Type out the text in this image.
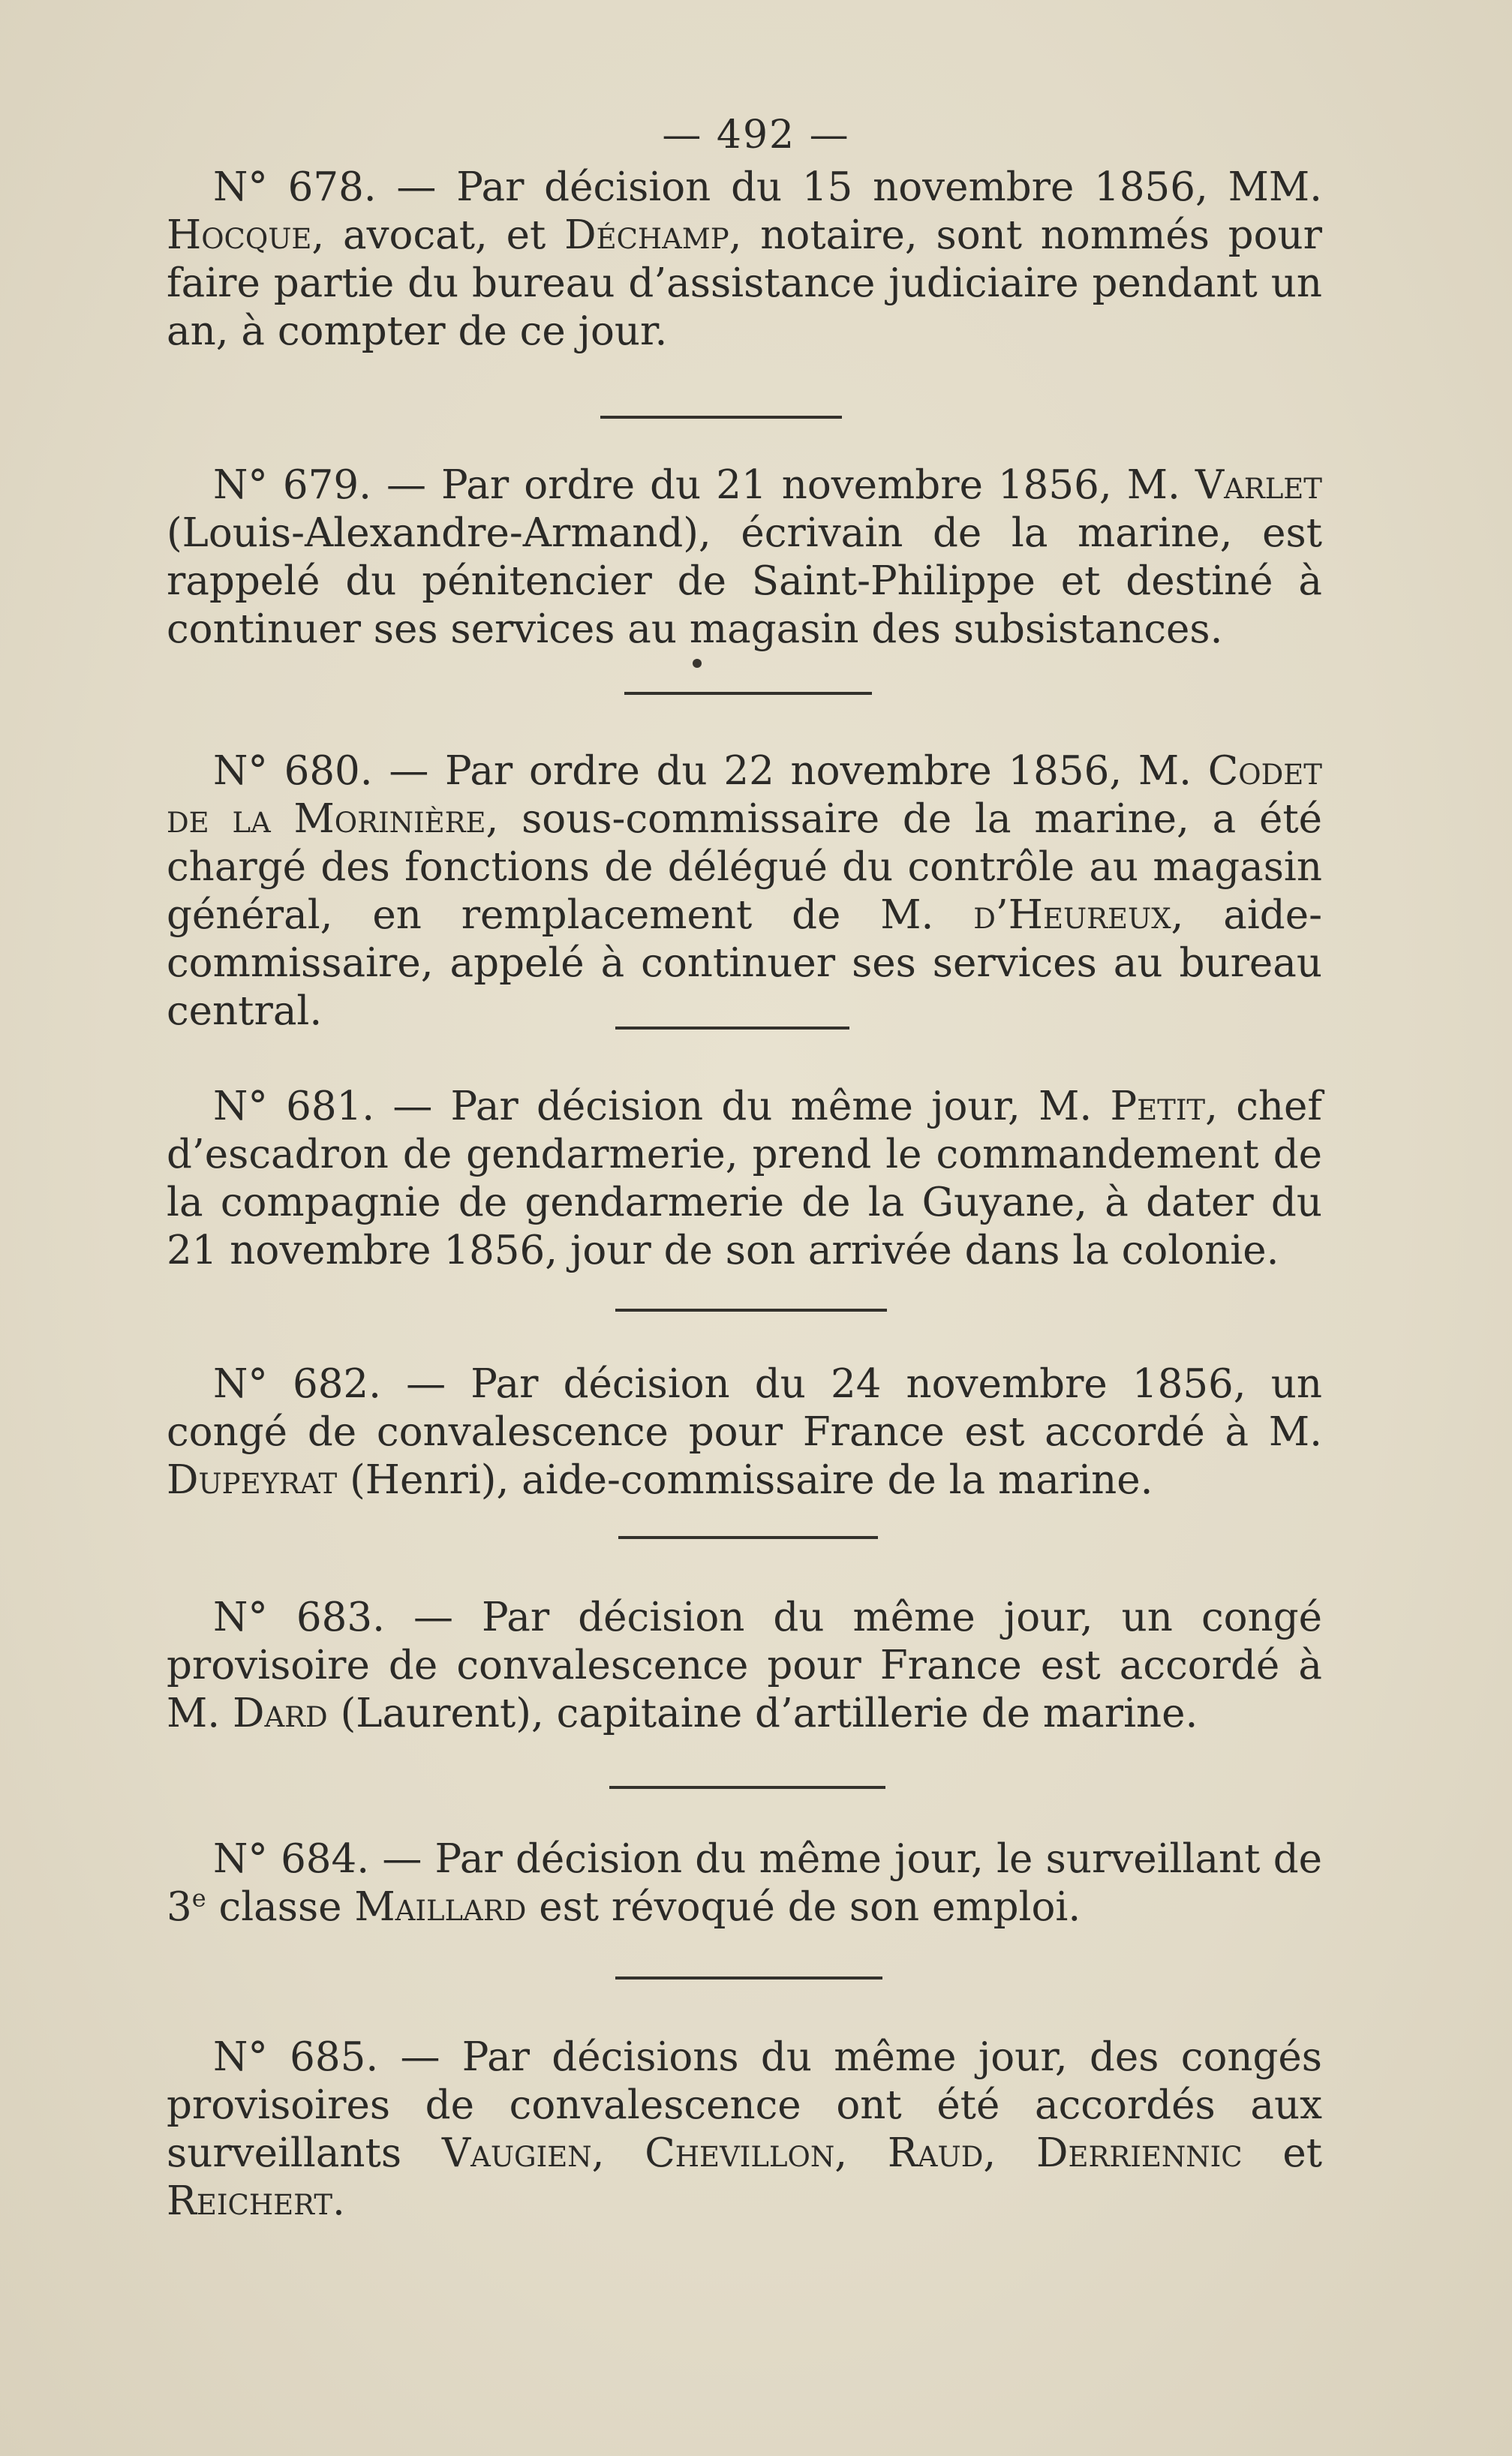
— 492 —

N° 678. — Par décision du 15 novembre 1856, MM. Hocque, avocat, et Déchamp, notaire, sont nommés pour faire partie du bureau d’assistance judiciaire pendant un an, à compter de ce jour.

N° 679. — Par ordre du 21 novembre 1856, M. Varlet (Louis-Alexandre-Armand), écrivain de la marine, est rappelé du pénitencier de Saint-Philippe et destiné à continuer ses services au magasin des subsistances.

N° 680. — Par ordre du 22 novembre 1856, M. Codet de la Morinière, sous-commissaire de la marine, a été chargé des fonctions de délégué du contrôle au magasin général, en remplacement de M. d’Heureux, aide-commissaire, appelé à continuer ses services au bureau central.

N° 681. — Par décision du même jour, M. Petit, chef d’escadron de gendarmerie, prend le commandement de la compagnie de gendarmerie de la Guyane, à dater du 21 novembre 1856, jour de son arrivée dans la colonie.

N° 682. — Par décision du 24 novembre 1856, un congé de convalescence pour France est accordé à M. Dupeyrat (Henri), aide-commissaire de la marine.

N° 683. — Par décision du même jour, un congé provisoire de convalescence pour France est accordé à M. Dard (Laurent), capitaine d’artillerie de marine.

N° 684. — Par décision du même jour, le surveillant de 3e classe Maillard est révoqué de son emploi.

N° 685. — Par décisions du même jour, des congés provisoires de convalescence ont été accordés aux surveillants Vaugien, Chevillon, Raud, Derriennic et Reichert.
